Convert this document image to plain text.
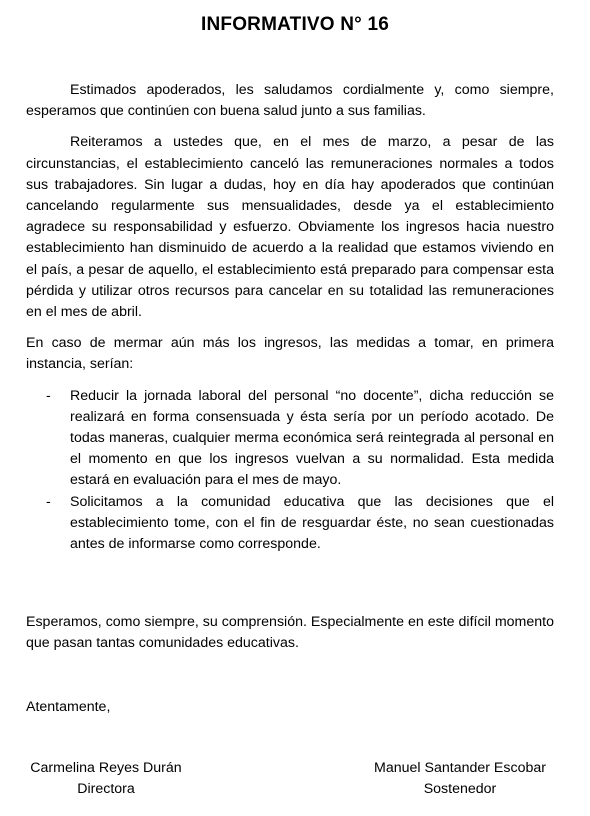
INFORMATIVO N° 16

Estimados apoderados, les saludamos cordialmente y, como siempre, esperamos que continúen con buena salud junto a sus familias.

Reiteramos a ustedes que, en el mes de marzo, a pesar de las circunstancias, el establecimiento canceló las remuneraciones normales a todos sus trabajadores. Sin lugar a dudas, hoy en día hay apoderados que continúan cancelando regularmente sus mensualidades, desde ya el establecimiento agradece su responsabilidad y esfuerzo. Obviamente los ingresos hacia nuestro establecimiento han disminuido de acuerdo a la realidad que estamos viviendo en el país, a pesar de aquello, el establecimiento está preparado para compensar esta pérdida y utilizar otros recursos para cancelar en su totalidad las remuneraciones en el mes de abril.

En caso de mermar aún más los ingresos, las medidas a tomar, en primera instancia, serían:

- Reducir la jornada laboral del personal “no docente”, dicha reducción se realizará en forma consensuada y ésta sería por un período acotado. De todas maneras, cualquier merma económica será reintegrada al personal en el momento en que los ingresos vuelvan a su normalidad. Esta medida estará en evaluación para el mes de mayo.
- Solicitamos a la comunidad educativa que las decisiones que el establecimiento tome, con el fin de resguardar éste, no sean cuestionadas antes de informarse como corresponde.

Esperamos, como siempre, su comprensión. Especialmente en este difícil momento que pasan tantas comunidades educativas.

Atentamente,
Carmelina Reyes Durán
Directora
Manuel Santander Escobar
Sostenedor
